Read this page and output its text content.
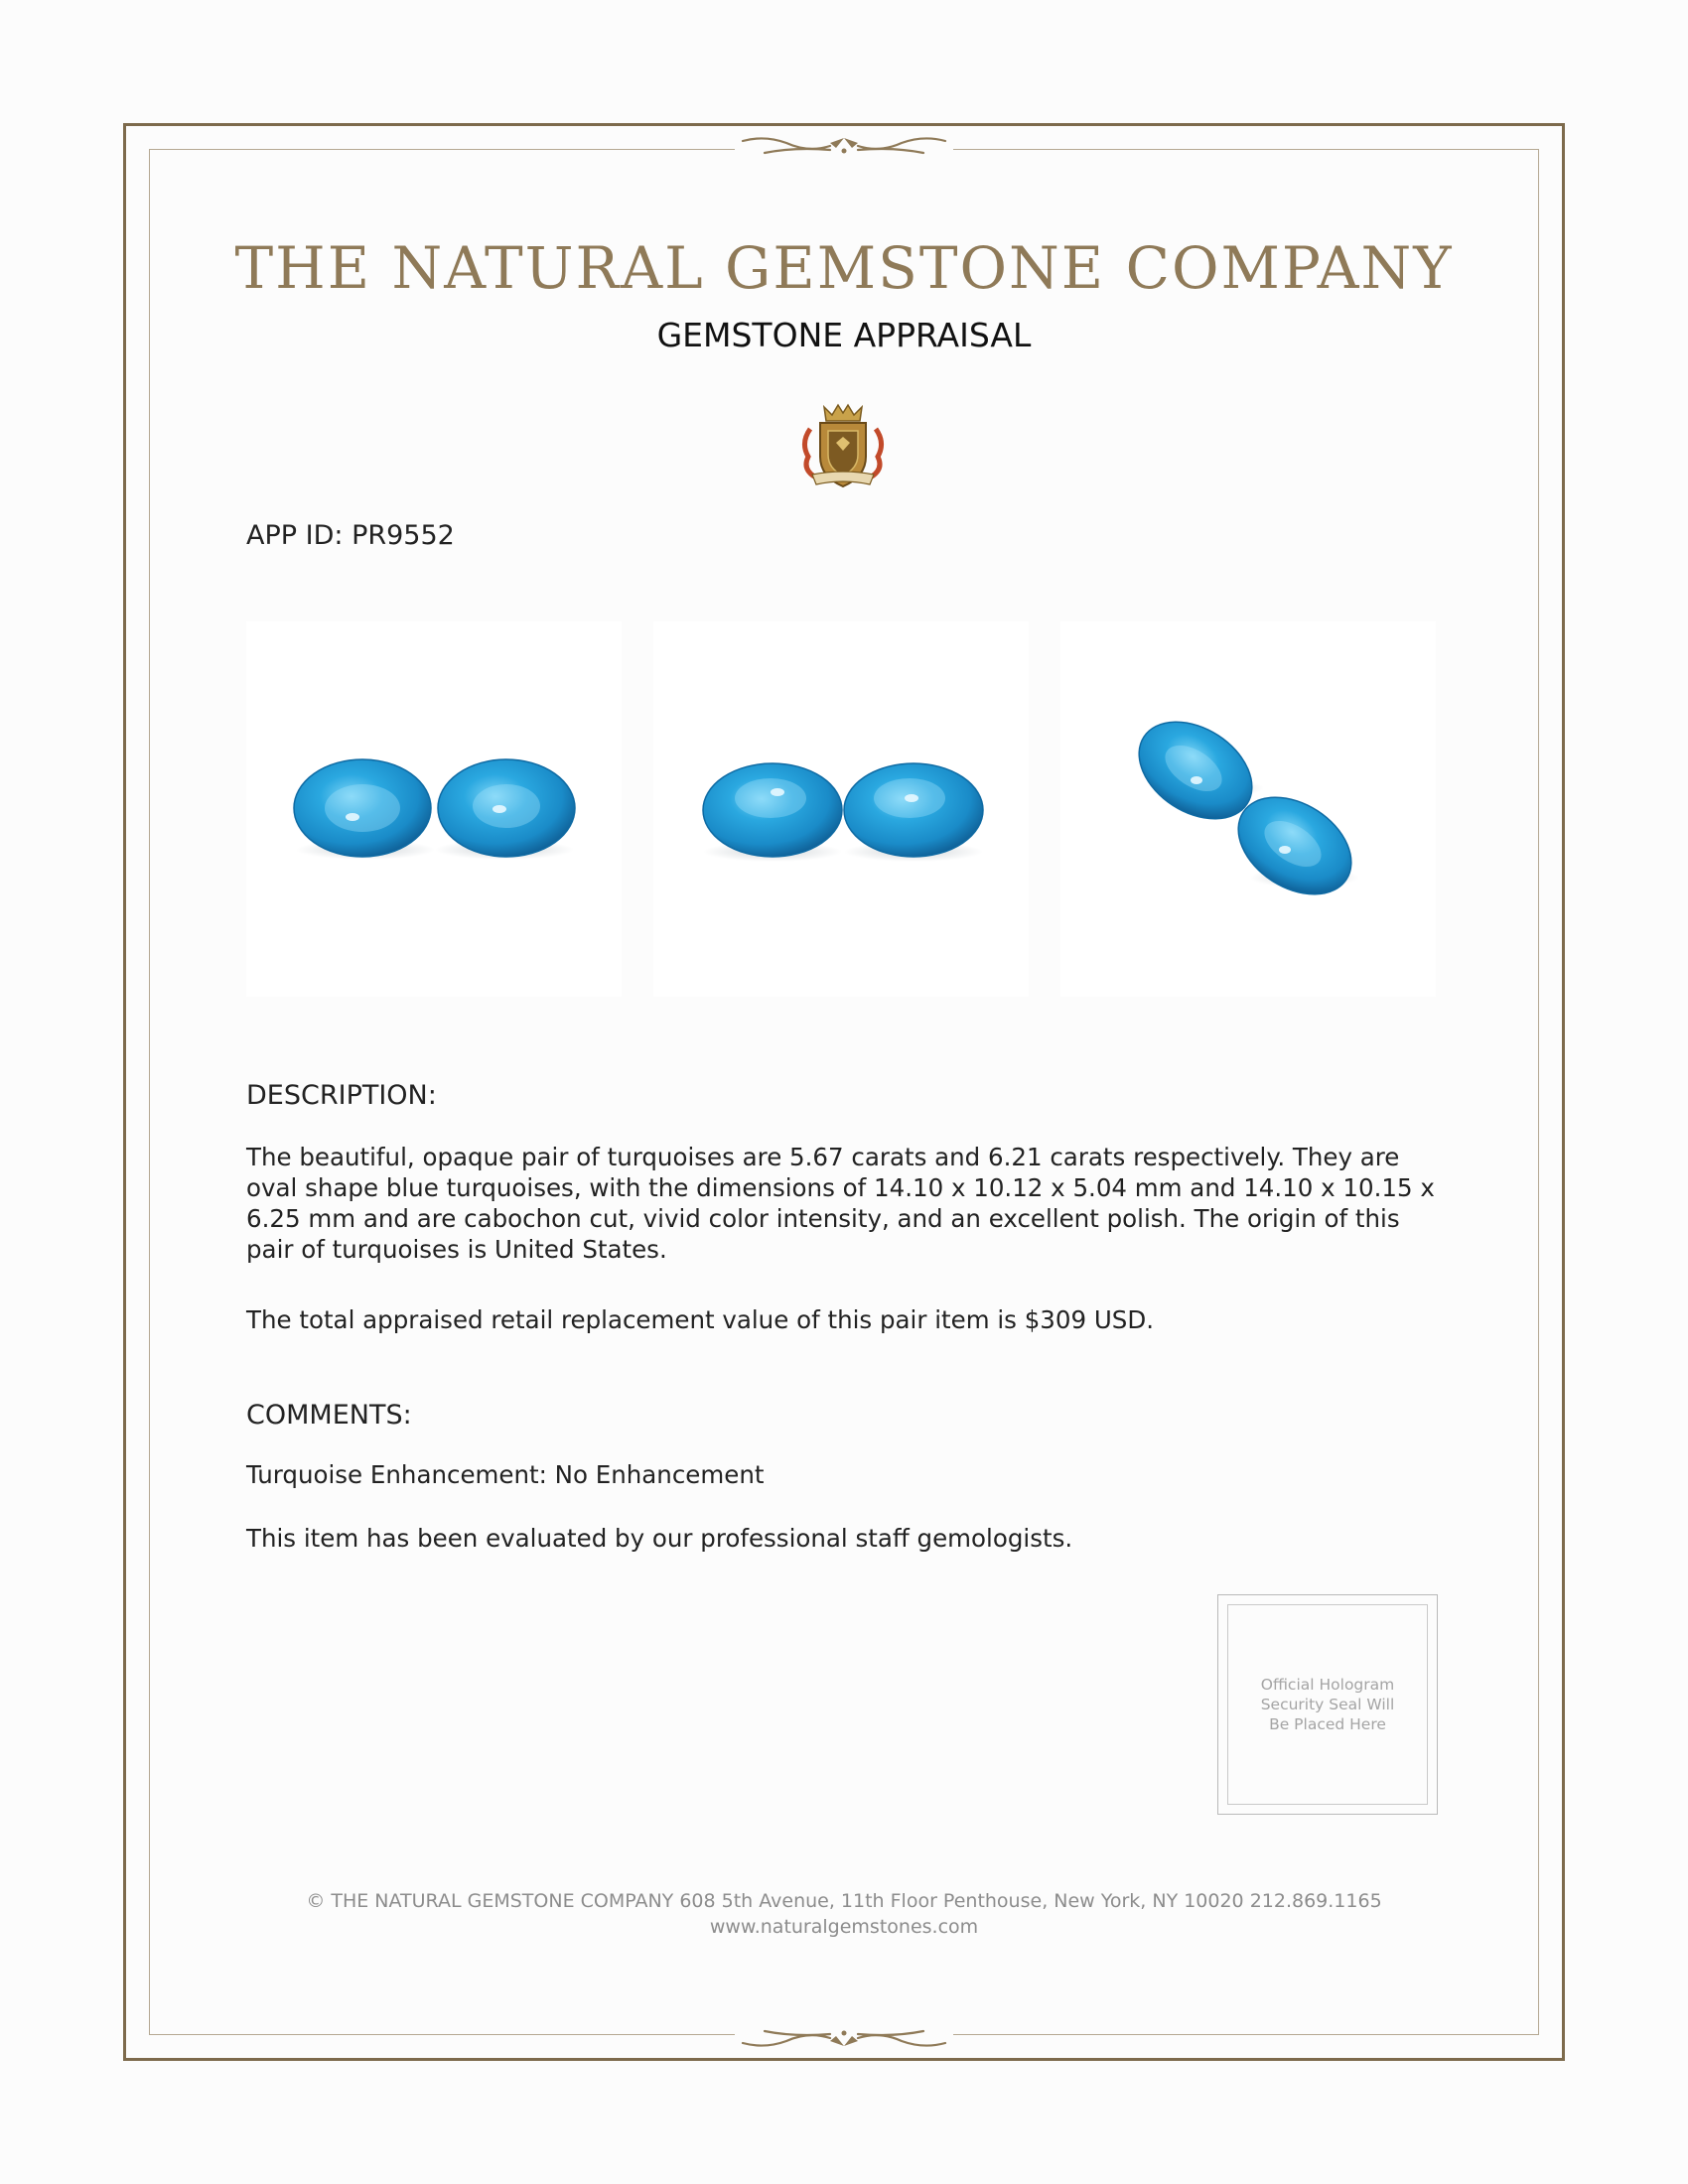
THE NATURAL GEMSTONE COMPANY
GEMSTONE APPRAISAL
APP ID: PR9552
DESCRIPTION:
The beautiful, opaque pair of turquoises are 5.67 carats and 6.21 carats respectively. They are oval shape blue turquoises, with the dimensions of 14.10 x 10.12 x 5.04 mm and 14.10 x 10.15 x 6.25 mm and are cabochon cut, vivid color intensity, and an excellent polish. The origin of this pair of turquoises is United States.
The total appraised retail replacement value of this pair item is $309 USD.
COMMENTS:
Turquoise Enhancement: No Enhancement
This item has been evaluated by our professional staff gemologists.
Official Hologram Security Seal Will Be Placed Here
© THE NATURAL GEMSTONE COMPANY 608 5th Avenue, 11th Floor Penthouse, New York, NY 10020 212.869.1165
www.naturalgemstones.com
